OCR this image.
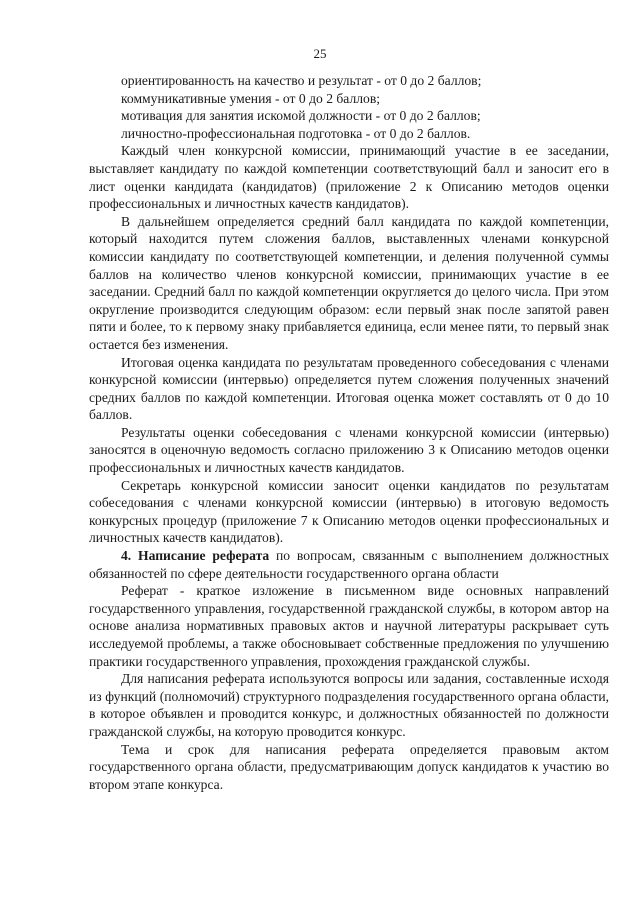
25

ориентированность на качество и результат - от 0 до 2 баллов;

коммуникативные умения - от 0 до 2 баллов;

мотивация для занятия искомой должности - от 0 до 2 баллов;

личностно-профессиональная подготовка - от 0 до 2 баллов.

Каждый член конкурсной комиссии, принимающий участие в ее заседании, выставляет кандидату по каждой компетенции соответствующий балл и заносит его в лист оценки кандидата (кандидатов) (приложение 2 к Описанию методов оценки профессиональных и личностных качеств кандидатов).

В дальнейшем определяется средний балл кандидата по каждой компетенции, который находится путем сложения баллов, выставленных членами конкурсной комиссии кандидату по соответствующей компетенции, и деления полученной суммы баллов на количество членов конкурсной комиссии, принимающих участие в ее заседании. Средний балл по каждой компетенции округляется до целого числа. При этом округление производится следующим образом: если первый знак после запятой равен пяти и более, то к первому знаку прибавляется единица, если менее пяти, то первый знак остается без изменения.

Итоговая оценка кандидата по результатам проведенного собеседования с членами конкурсной комиссии (интервью) определяется путем сложения полученных значений средних баллов по каждой компетенции. Итоговая оценка может составлять от 0 до 10 баллов.

Результаты оценки собеседования с членами конкурсной комиссии (интервью) заносятся в оценочную ведомость согласно приложению 3 к Описанию методов оценки профессиональных и личностных качеств кандидатов.

Секретарь конкурсной комиссии заносит оценки кандидатов по результатам собеседования с членами конкурсной комиссии (интервью) в итоговую ведомость конкурсных процедур (приложение 7 к Описанию методов оценки профессиональных и личностных качеств кандидатов).

4. Написание реферата по вопросам, связанным с выполнением должностных обязанностей по сфере деятельности государственного органа области

Реферат - краткое изложение в письменном виде основных направлений государственного управления, государственной гражданской службы, в котором автор на основе анализа нормативных правовых актов и научной литературы раскрывает суть исследуемой проблемы, а также обосновывает собственные предложения по улучшению практики государственного управления, прохождения гражданской службы.

Для написания реферата используются вопросы или задания, составленные исходя из функций (полномочий) структурного подразделения государственного органа области, в которое объявлен и проводится конкурс, и должностных обязанностей по должности гражданской службы, на которую проводится конкурс.

Тема и срок для написания реферата определяется правовым актом государственного органа области, предусматривающим допуск кандидатов к участию во втором этапе конкурса.
